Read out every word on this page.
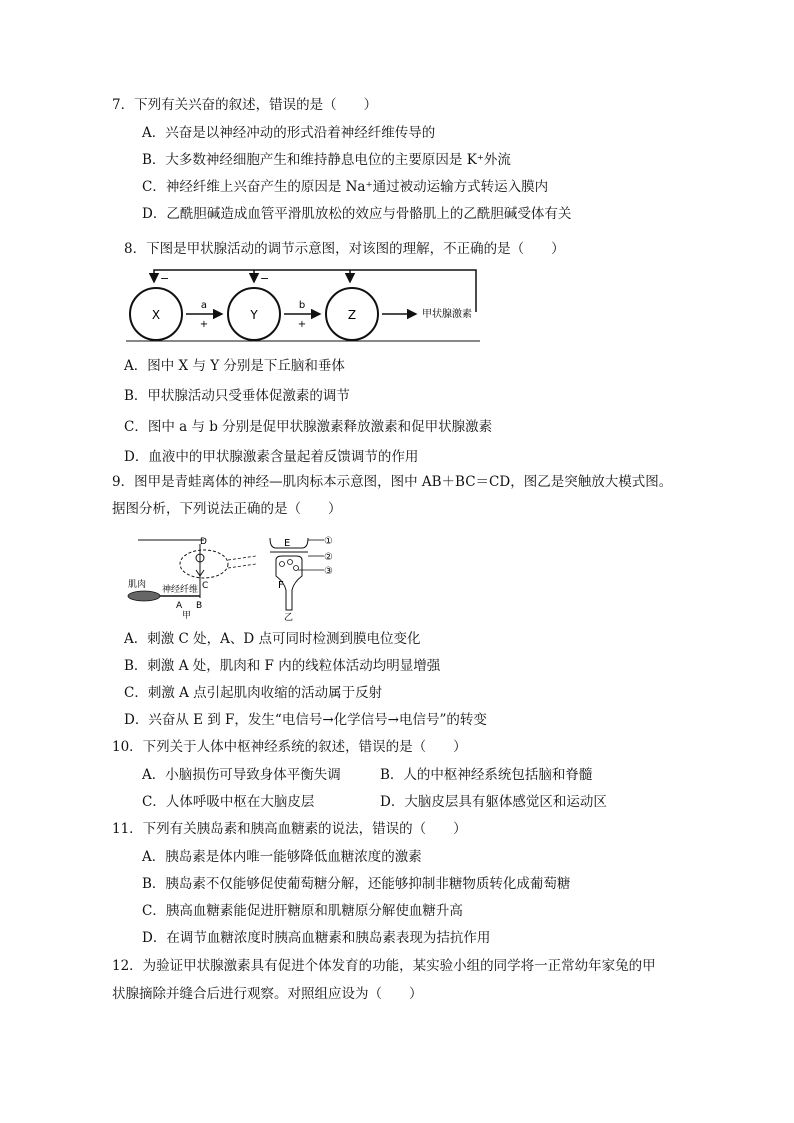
7．下列有关兴奋的叙述，错误的是（　　）
A．兴奋是以神经冲动的形式沿着神经纤维传导的
B．大多数神经细胞产生和维持静息电位的主要原因是 K⁺外流
C．神经纤维上兴奋产生的原因是 Na⁺通过被动运输方式转运入膜内
D．乙酰胆碱造成血管平滑肌放松的效应与骨骼肌上的乙酰胆碱受体有关
8．下图是甲状腺活动的调节示意图，对该图的理解，不正确的是（　　）
−	−
X	Y	Z
a
+
b
+
甲状腺激素
A．图中 X 与 Y 分别是下丘脑和垂体
B．甲状腺活动只受垂体促激素的调节
C．图中 a 与 b 分别是促甲状腺激素释放激素和促甲状腺激素
D．血液中的甲状腺激素含量起着反馈调节的作用
9．图甲是青蛙离体的神经—肌肉标本示意图，图中 AB＋BC＝CD，图乙是突触放大模式图。
据图分析，下列说法正确的是（　　）
D
C
肌肉 神经纤维
A B
甲
E
F
乙
①
②
③
A．刺激 C 处，A、D 点可同时检测到膜电位变化
B．刺激 A 处，肌肉和 F 内的线粒体活动均明显增强
C．刺激 A 点引起肌肉收缩的活动属于反射
D．兴奋从 E 到 F，发生“电信号→化学信号→电信号”的转变
10．下列关于人体中枢神经系统的叙述，错误的是（　　）
A．小脑损伤可导致身体平衡失调	B．人的中枢神经系统包括脑和脊髓
C．人体呼吸中枢在大脑皮层	D．大脑皮层具有躯体感觉区和运动区
11．下列有关胰岛素和胰高血糖素的说法，错误的（　　）
A．胰岛素是体内唯一能够降低血糖浓度的激素
B．胰岛素不仅能够促使葡萄糖分解，还能够抑制非糖物质转化成葡萄糖
C．胰高血糖素能促进肝糖原和肌糖原分解使血糖升高
D．在调节血糖浓度时胰高血糖素和胰岛素表现为拮抗作用
12．为验证甲状腺激素具有促进个体发育的功能，某实验小组的同学将一正常幼年家兔的甲
状腺摘除并缝合后进行观察。对照组应设为（　　）
